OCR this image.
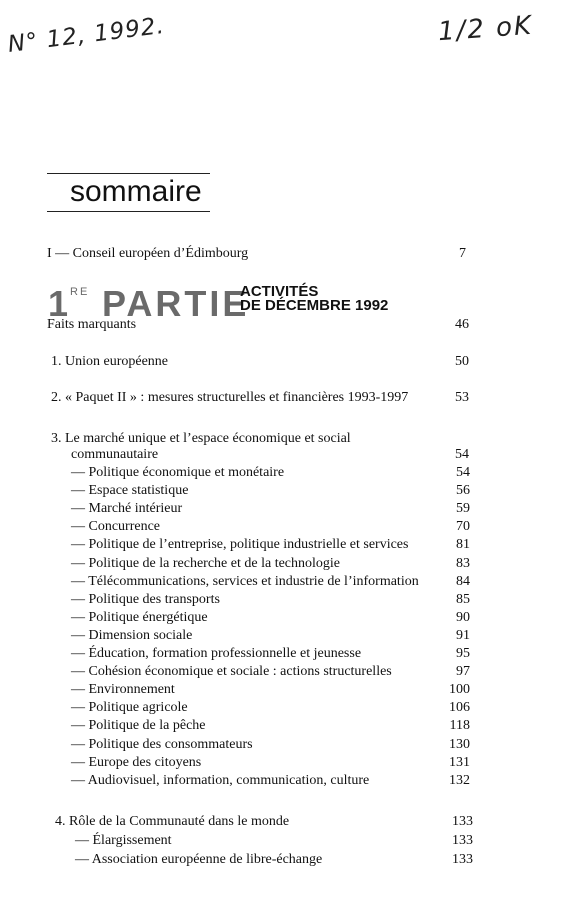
N° 12, 1992.	1/2 oK
sommaire
I — Conseil européen d’Édimbourg	7
1
RE PARTIE
ACTIVITÉS
DE DÉCEMBRE 1992
Faits marquants	46
1. Union européenne	50
2. « Paquet II » : mesures structurelles et financières 1993-1997	53
3. Le marché unique et l’espace économique et social
communautaire	54
— Politique économique et monétaire	54
— Espace statistique	56
— Marché intérieur	59
— Concurrence	70
— Politique de l’entreprise, politique industrielle et services	81
— Politique de la recherche et de la technologie	83
— Télécommunications, services et industrie de l’information	84
— Politique des transports	85
— Politique énergétique	90
— Dimension sociale	91
— Éducation, formation professionnelle et jeunesse	95
— Cohésion économique et sociale : actions structurelles	97
— Environnement	100
— Politique agricole	106
— Politique de la pêche	118
— Politique des consommateurs	130
— Europe des citoyens	131
— Audiovisuel, information, communication, culture	132
4. Rôle de la Communauté dans le monde	133
— Élargissement	133
— Association européenne de libre-échange	133
